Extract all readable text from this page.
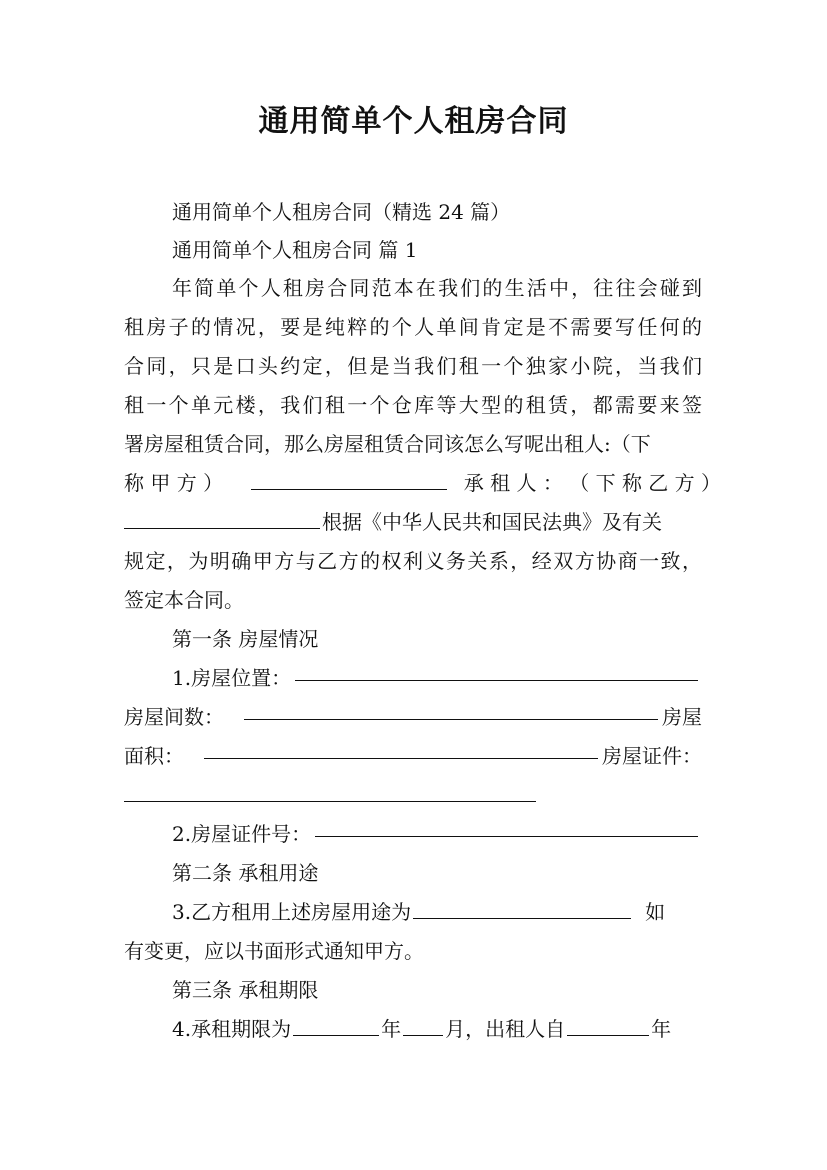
通用简单个人租房合同
通用简单个人租房合同（精选 24 篇）
通用简单个人租房合同 篇 1
年简单个人租房合同范本在我们的生活中，往往会碰到
租房子的情况，要是纯粹的个人单间肯定是不需要写任何的
合同，只是口头约定，但是当我们租一个独家小院，当我们
租一个单元楼，我们租一个仓库等大型的租赁，都需要来签
署房屋租赁合同，那么房屋租赁合同该怎么写呢出租人:（下
称 甲 方 ）	承 租 人 ： （ 下 称 乙 方 ）
根据《中华人民共和国民法典》及有关
规定，为明确甲方与乙方的权利义务关系，经双方协商一致，
签定本合同。
第一条 房屋情况
1.房屋位置：
房屋间数：	房屋
面积：	房屋证件：
2.房屋证件号：
第二条 承租用途
3.乙方租用上述房屋用途为	如
有变更，应以书面形式通知甲方。
第三条 承租期限
4.承租期限为	年 月，出租人自	年
